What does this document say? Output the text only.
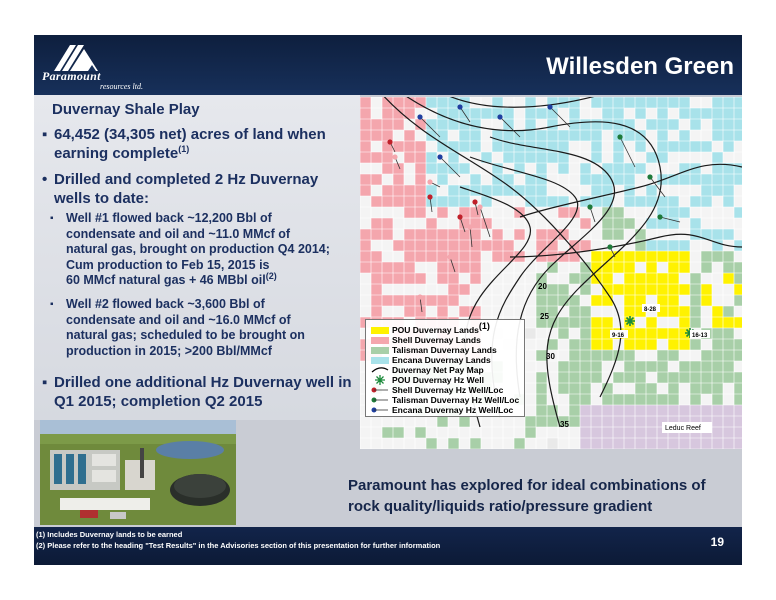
Paramount
resources ltd.
Willesden Green
Duvernay Shale Play
▪ 64,452 (34,305 net) acres of land when earning complete$^{(1)}$
• Drilled and completed 2 Hz Duvernay wells to date:
▪ Well #1 flowed back ~12,200 Bbl of
condensate and oil and ~11.0 MMcf of
natural gas, brought on production Q4 2014;
Cum production to Feb 15, 2015 is
60 MMcf natural gas + 46 MBbl oil$^{(2)}$
▪ Well #2 flowed back ~3,600 Bbl of
condensate and oil and ~16.0 MMcf of
natural gas; scheduled to be brought on
production in 2015; >200 Bbl/MMcf
▪ Drilled one additional Hz Duvernay well in Q1 2015; completion Q2 2015
20
25
30
35
8-28
9-16	16-13
Leduc Reef
POU Duvernay Lands(1)
Shell Duvernay Lands
Talisman Duvernay Lands
Encana Duvernay Lands
Duvernay Net Pay Map
POU Duvernay Hz Well
Shell Duvernay Hz Well/Loc
Talisman Duvernay Hz Well/Loc
Encana Duvernay Hz Well/Loc
Paramount has explored for ideal combinations of
rock quality/liquids ratio/pressure gradient
(1) Includes Duvernay lands to be earned
(2) Please refer to the heading "Test Results" in the Advisories section of this presentation for further information	19
